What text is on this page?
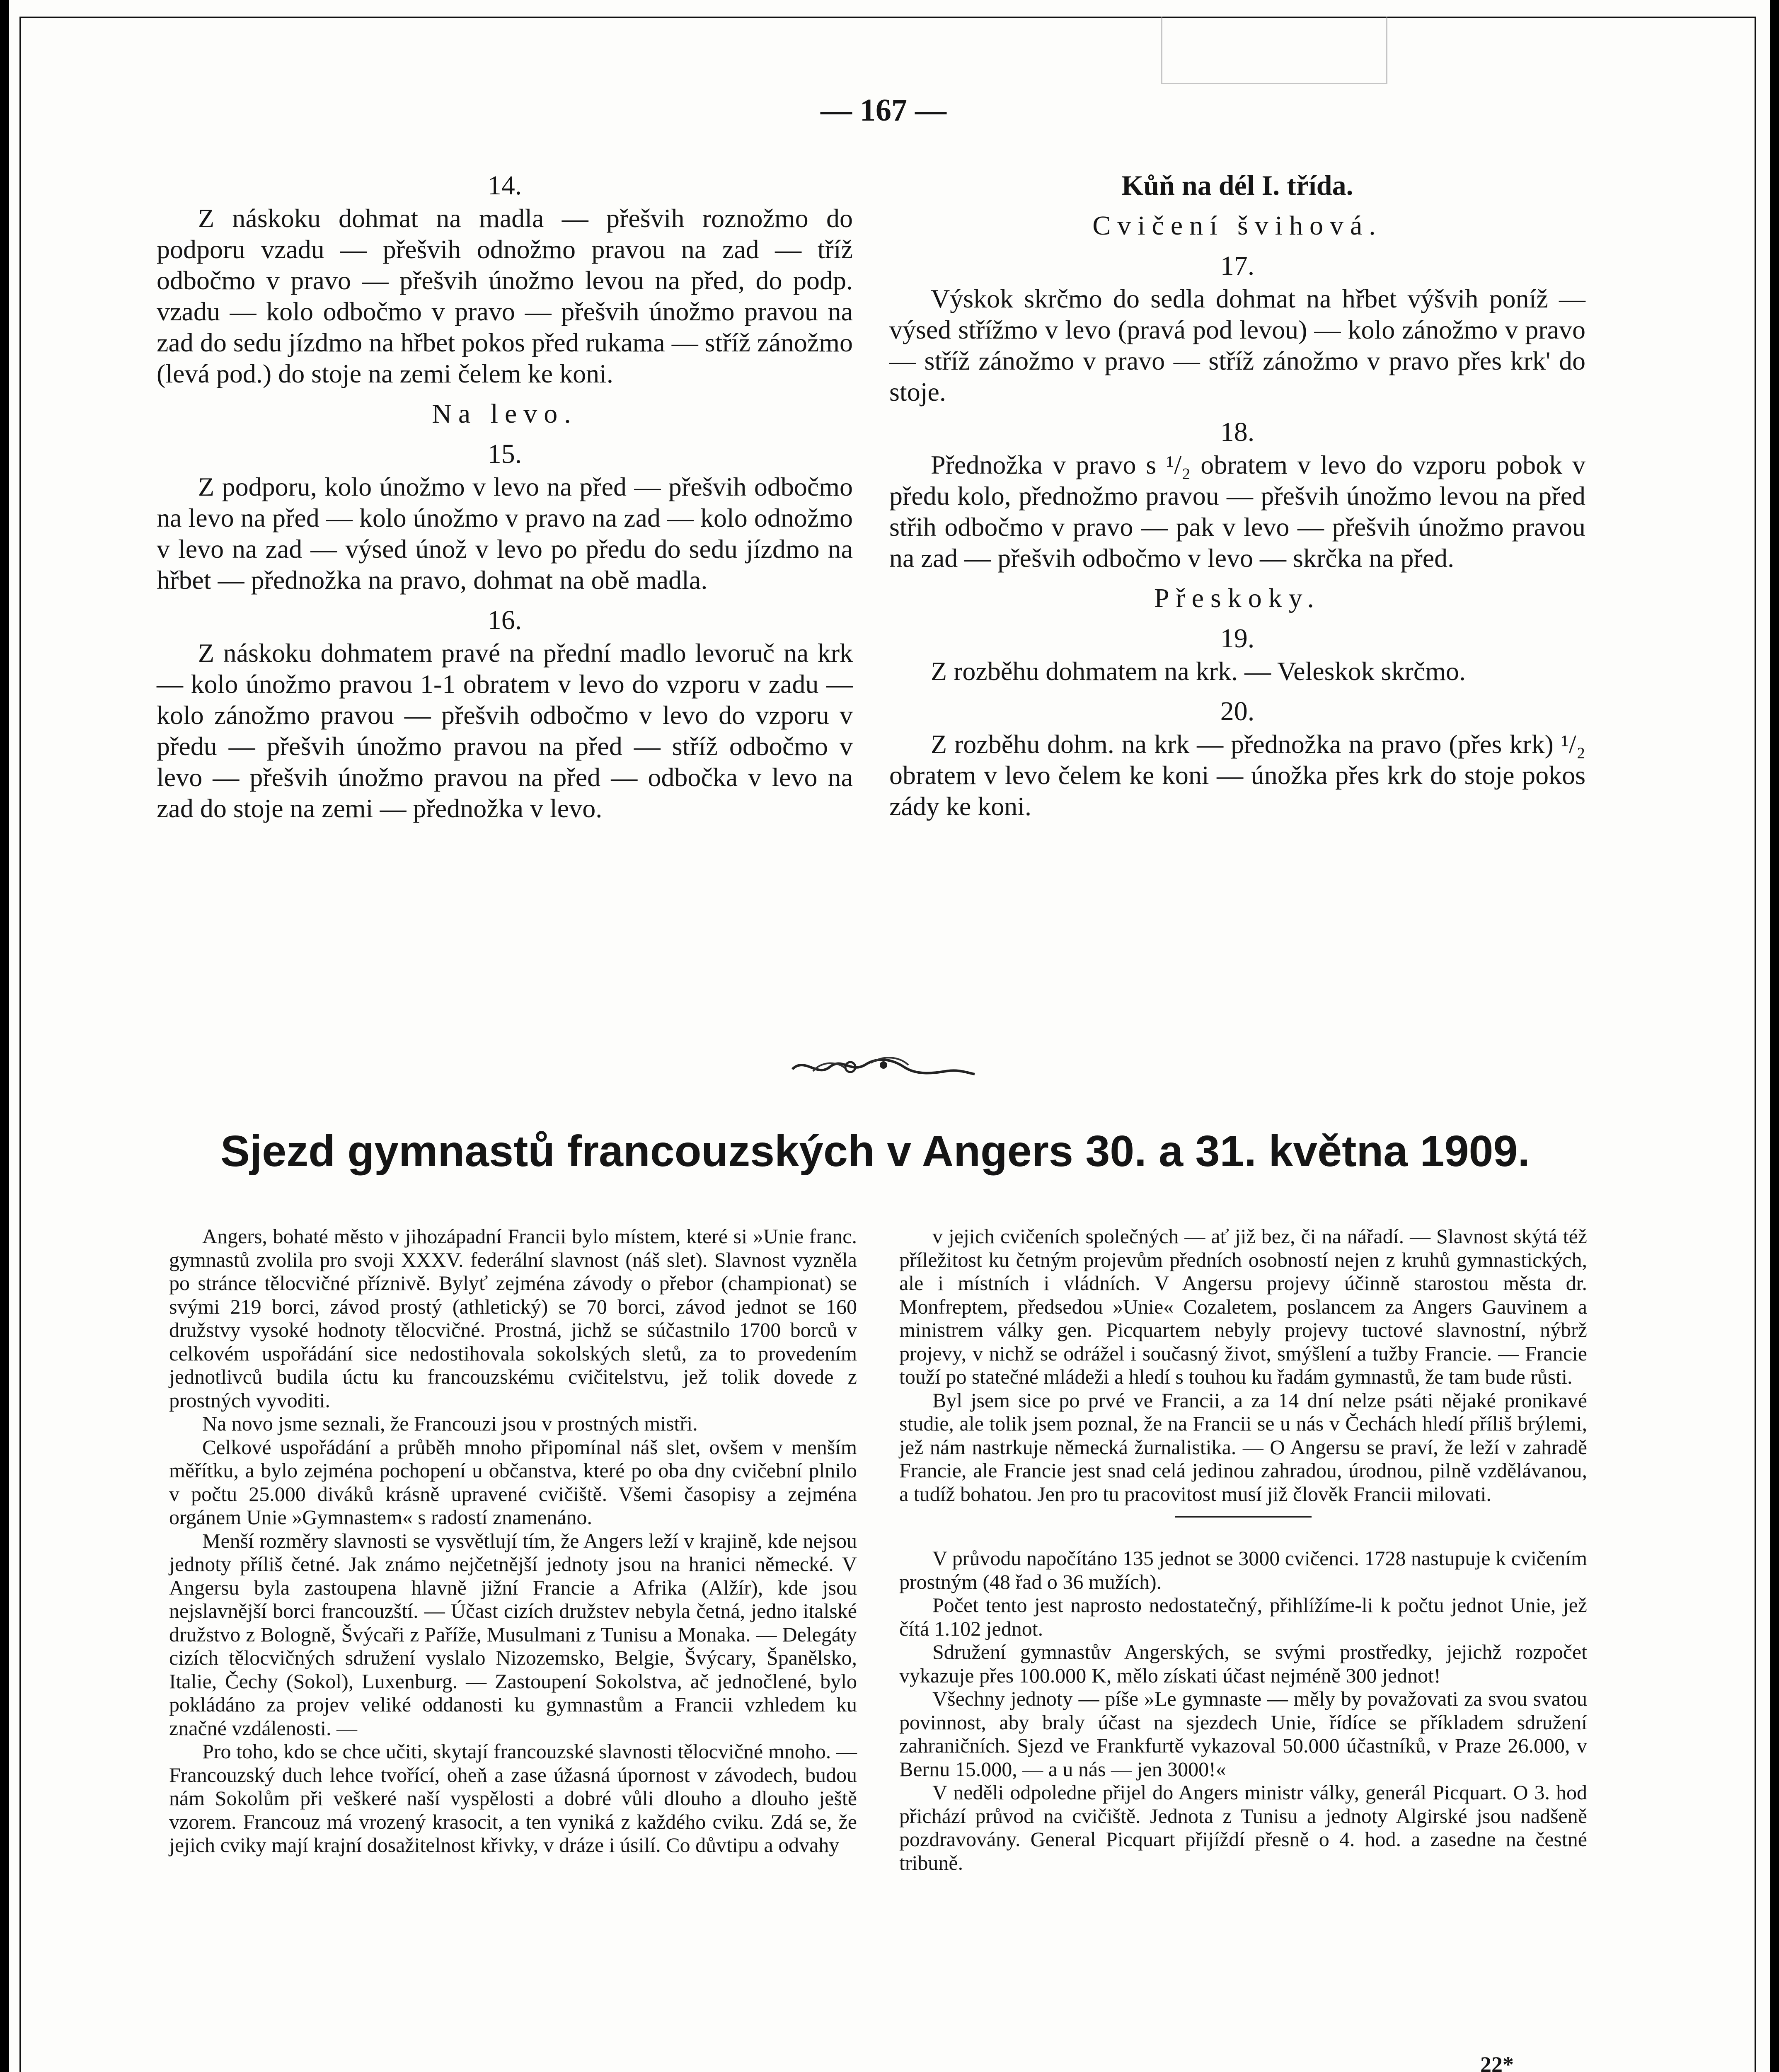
— 167 —
14.
Z náskoku dohmat na madla — přešvih roznožmo do podporu vzadu — přešvih odnožmo pravou na zad — tříž odbočmo v pravo — přešvih únožmo levou na před, do podp. vzadu — kolo odbočmo v pravo — přešvih únožmo pravou na zad do sedu jízdmo na hřbet pokos před rukama — stříž zánožmo (levá pod.) do stoje na zemi čelem ke koni.
Na levo.
15.
Z podporu, kolo únožmo v levo na před — přešvih odbočmo na levo na před — kolo únožmo v pravo na zad — kolo odnožmo v levo na zad — výsed únož v levo po předu do sedu jízdmo na hřbet — přednožka na pravo, dohmat na obě madla.
16.
Z náskoku dohmatem pravé na přední madlo levoruč na krk — kolo únožmo pravou 1-1 obratem v levo do vzporu v zadu — kolo zánožmo pravou — přešvih odbočmo v levo do vzporu v předu — přešvih únožmo pravou na před — stříž odbočmo v levo — přešvih únožmo pravou na před — odbočka v levo na zad do stoje na zemi — přednožka v levo.
Kůň na dél I. třída.
Cvičení švihová.
17.
Výskok skrčmo do sedla dohmat na hřbet výšvih poníž — výsed střížmo v levo (pravá pod levou) — kolo zánožmo v pravo — stříž zánožmo v pravo — stříž zánožmo v pravo přes krk' do stoje.
18.
Přednožka v pravo s ¹/₂ obratem v levo do vzporu pobok v předu kolo, přednožmo pravou — přešvih únožmo levou na před střih odbočmo v pravo — pak v levo — přešvih únožmo pravou na zad — přešvih odbočmo v levo — skrčka na před.
Přeskoky.
19.
Z rozběhu dohmatem na krk. — Veleskok skrčmo.
20.
Z rozběhu dohm. na krk — přednožka na pravo (přes krk) ¹/₂ obratem v levo čelem ke koni — únožka přes krk do stoje pokos zády ke koni.
Sjezd gymnastů francouzských v Angers 30. a 31. května 1909.

Angers, bohaté město v jihozápadní Francii bylo místem, které si »Unie franc. gymnastů zvolila pro svoji XXXV. federální slavnost (náš slet). Slavnost vyzněla po stránce tělocvičné příznivě. Bylyť zejména závody o přebor (championat) se svými 219 borci, závod prostý (athletický) se 70 borci, závod jednot se 160 družstvy vysoké hodnoty tělocvičné. Prostná, jichž se súčastnilo 1700 borců v celkovém uspořádání sice nedostihovala sokolských sletů, za to provedením jednotlivců budila úctu ku francouzskému cvičitelstvu, jež tolik dovede z prostných vyvoditi.

Na novo jsme seznali, že Francouzi jsou v prostných mistři.

Celkové uspořádání a průběh mnoho připomínal náš slet, ovšem v menším měřítku, a bylo zejména pochopení u občanstva, které po oba dny cvičební plnilo v počtu 25.000 diváků krásně upravené cvičiště. Všemi časopisy a zejména orgánem Unie »Gymnastem« s radostí znamenáno.

Menší rozměry slavnosti se vysvětlují tím, že Angers leží v krajině, kde nejsou jednoty příliš četné. Jak známo nejčetnější jednoty jsou na hranici německé. V Angersu byla zastoupena hlavně jižní Francie a Afrika (Alžír), kde jsou nejslavnější borci francouzští. — Účast cizích družstev nebyla četná, jedno italské družstvo z Bologně, Švýcaři z Paříže, Musulmani z Tunisu a Monaka. — Delegáty cizích tělocvičných sdružení vyslalo Nizozemsko, Belgie, Švýcary, Španělsko, Italie, Čechy (Sokol), Luxenburg. — Zastoupení Sokolstva, ač jednočlené, bylo pokládáno za projev veliké oddanosti ku gymnastům a Francii vzhledem ku značné vzdálenosti. —

Pro toho, kdo se chce učiti, skytají francouzské slavnosti tělocvičné mnoho. — Francouzský duch lehce tvořící, oheň a zase úžasná úpornost v závodech, budou nám Sokolům při veškeré naší vyspělosti a dobré vůli dlouho a dlouho ještě vzorem. Francouz má vrozený krasocit, a ten vyniká z každého cviku. Zdá se, že jejich cviky mají krajní dosažitelnost křivky, v dráze i úsilí. Co důvtipu a odvahy

v jejich cvičeních společných — ať již bez, či na nářadí. — Slavnost skýtá též příležitost ku četným projevům předních osobností nejen z kruhů gymnastických, ale i místních i vládních. V Angersu projevy účinně starostou města dr. Monfreptem, předsedou »Unie« Cozaletem, poslancem za Angers Gauvinem a ministrem války gen. Picquartem nebyly projevy tuctové slavnostní, nýbrž projevy, v nichž se odrážel i současný život, smýšlení a tužby Francie. — Francie touží po statečné mládeži a hledí s touhou ku řadám gymnastů, že tam bude růsti.

Byl jsem sice po prvé ve Francii, a za 14 dní nelze psáti nějaké pronikavé studie, ale tolik jsem poznal, že na Francii se u nás v Čechách hledí příliš brýlemi, jež nám nastrkuje německá žurnalistika. — O Angersu se praví, že leží v zahradě Francie, ale Francie jest snad celá jedinou zahradou, úrodnou, pilně vzdělávanou, a tudíž bohatou. Jen pro tu pracovitost musí již člověk Francii milovati.

V průvodu napočítáno 135 jednot se 3000 cvičenci. 1728 nastupuje k cvičením prostným (48 řad o 36 mužích).

Počet tento jest naprosto nedostatečný, přihlížíme-li k počtu jednot Unie, jež čítá 1.102 jednot.

Sdružení gymnastův Angerských, se svými prostředky, jejichž rozpočet vykazuje přes 100.000 K, mělo získati účast nejméně 300 jednot!

Všechny jednoty — píše »Le gymnaste — měly by považovati za svou svatou povinnost, aby braly účast na sjezdech Unie, řídíce se příkladem sdružení zahraničních. Sjezd ve Frankfurtě vykazoval 50.000 účastníků, v Praze 26.000, v Bernu 15.000, — a u nás — jen 3000!«

V neděli odpoledne přijel do Angers ministr války, generál Picquart. O 3. hod přichází průvod na cvičiště. Jednota z Tunisu a jednoty Algirské jsou nadšeně pozdravovány. General Picquart přijíždí přesně o 4. hod. a zasedne na čestné tribuně.

22*
